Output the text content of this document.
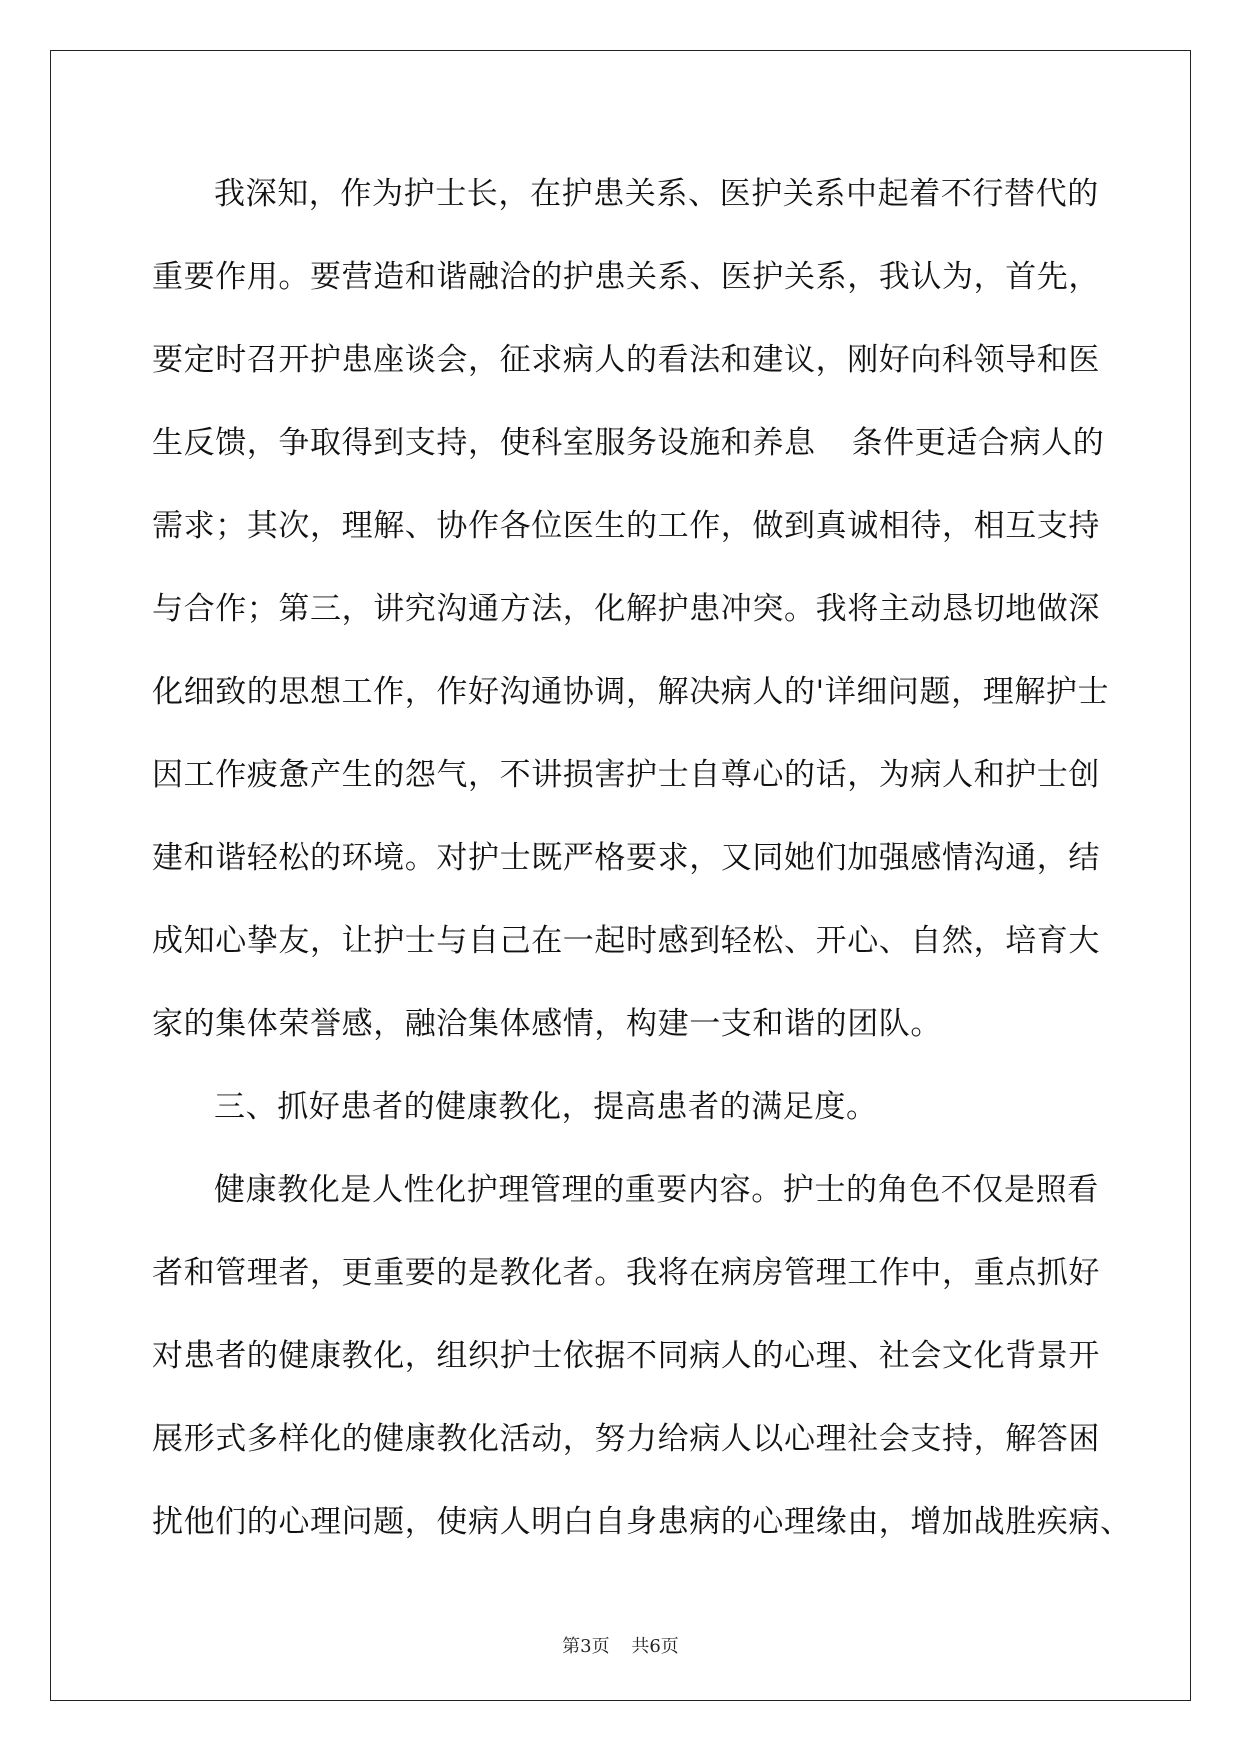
我深知，作为护士长，在护患关系、医护关系中起着不行替代的
重要作用。要营造和谐融洽的护患关系、医护关系，我认为，首先，
要定时召开护患座谈会，征求病人的看法和建议，刚好向科领导和医
生反馈，争取得到支持，使科室服务设施和养息 条件更适合病人的
需求；其次，理解、协作各位医生的工作，做到真诚相待，相互支持
与合作；第三，讲究沟通方法，化解护患冲突。我将主动恳切地做深
化细致的思想工作，作好沟通协调，解决病人的'详细问题，理解护士
因工作疲惫产生的怨气，不讲损害护士自尊心的话，为病人和护士创
建和谐轻松的环境。对护士既严格要求，又同她们加强感情沟通，结
成知心挚友，让护士与自己在一起时感到轻松、开心、自然，培育大
家的集体荣誉感，融洽集体感情，构建一支和谐的团队。
三、抓好患者的健康教化，提高患者的满足度。
健康教化是人性化护理管理的重要内容。护士的角色不仅是照看
者和管理者，更重要的是教化者。我将在病房管理工作中，重点抓好
对患者的健康教化，组织护士依据不同病人的心理、社会文化背景开
展形式多样化的健康教化活动，努力给病人以心理社会支持，解答困
扰他们的心理问题，使病人明白自身患病的心理缘由，增加战胜疾病、
第3页 共6页
